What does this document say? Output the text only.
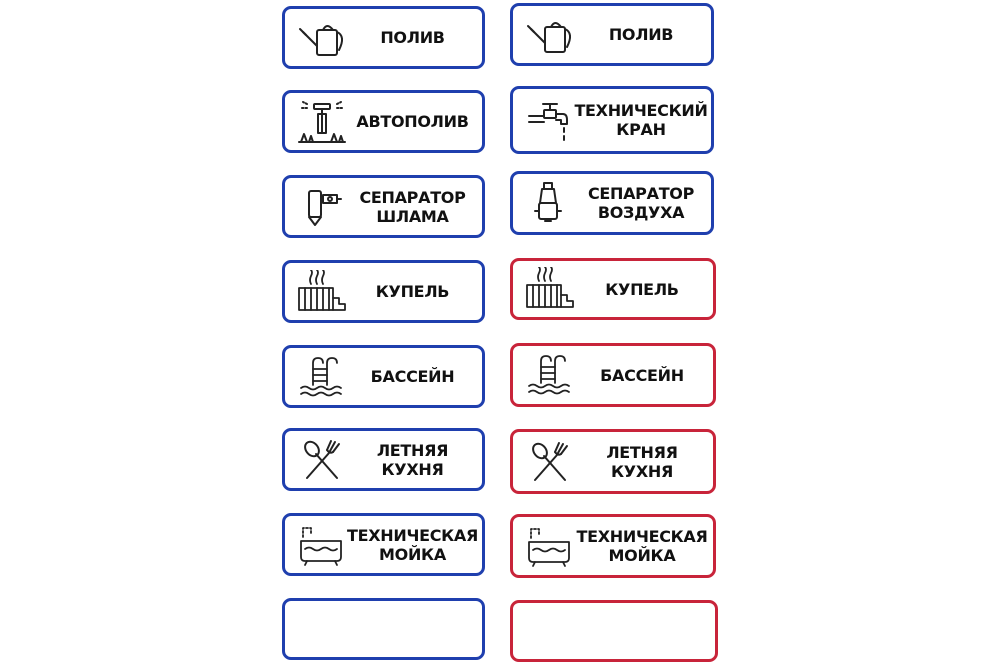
ПОЛИВ
АВТОПОЛИВ
СЕПАРАТОР
ШЛАМА
КУПЕЛЬ
БАССЕЙН
ЛЕТНЯЯ
КУХНЯ
ТЕХНИЧЕСКАЯ
МОЙКА
ПОЛИВ
ТЕХНИЧЕСКИЙ
КРАН
СЕПАРАТОР
ВОЗДУХА
КУПЕЛЬ
БАССЕЙН
ЛЕТНЯЯ
КУХНЯ
ТЕХНИЧЕСКАЯ
МОЙКА
